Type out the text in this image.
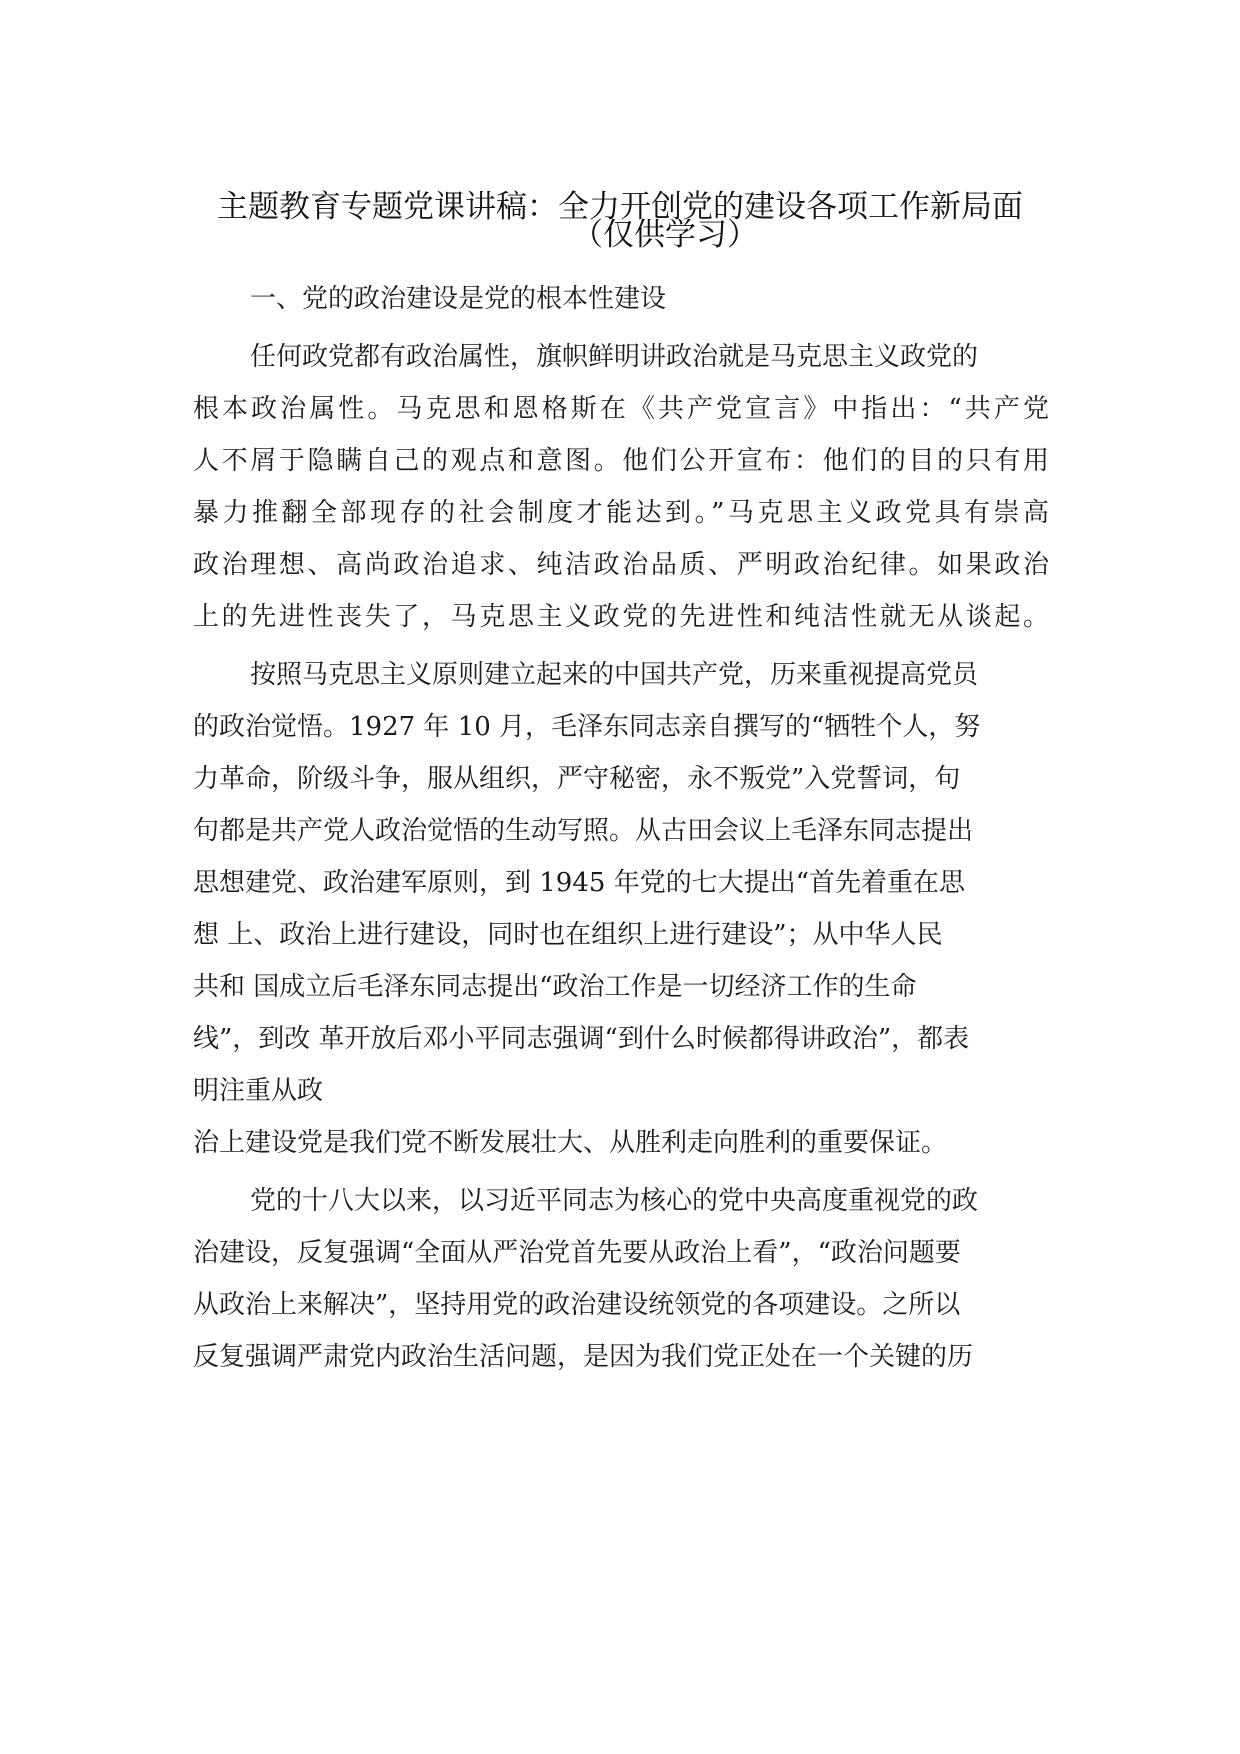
主题教育专题党课讲稿：全力开创党的建设各项工作新局面
（仅供学习）
一、党的政治建设是党的根本性建设
任何政党都有政治属性，旗帜鲜明讲政治就是马克思主义政党的
根本政治属性。马克思和恩格斯在《共产党宣言》中指出：“共产党
人不屑于隐瞒自己的观点和意图。他们公开宣布：他们的目的只有用
暴力推翻全部现存的社会制度才能达到。”马克思主义政党具有崇高
政治理想、高尚政治追求、纯洁政治品质、严明政治纪律。如果政治
上的先进性丧失了，马克思主义政党的先进性和纯洁性就无从谈起。
按照马克思主义原则建立起来的中国共产党，历来重视提高党员
的政治觉悟。1927 年 10 月，毛泽东同志亲自撰写的“牺牲个人，努
力革命，阶级斗争，服从组织，严守秘密，永不叛党”入党誓词，句
句都是共产党人政治觉悟的生动写照。从古田会议上毛泽东同志提出
思想建党、政治建军原则，到 1945 年党的七大提出“首先着重在思
想 上、政治上进行建设，同时也在组织上进行建设”；从中华人民
共和 国成立后毛泽东同志提出“政治工作是一切经济工作的生命
线”，到改 革开放后邓小平同志强调“到什么时候都得讲政治”，都表
明注重从政
治上建设党是我们党不断发展壮大、从胜利走向胜利的重要保证。
党的十八大以来，以习近平同志为核心的党中央高度重视党的政
治建设，反复强调“全面从严治党首先要从政治上看”，“政治问题要
从政治上来解决”，坚持用党的政治建设统领党的各项建设。之所以
反复强调严肃党内政治生活问题，是因为我们党正处在一个关键的历
